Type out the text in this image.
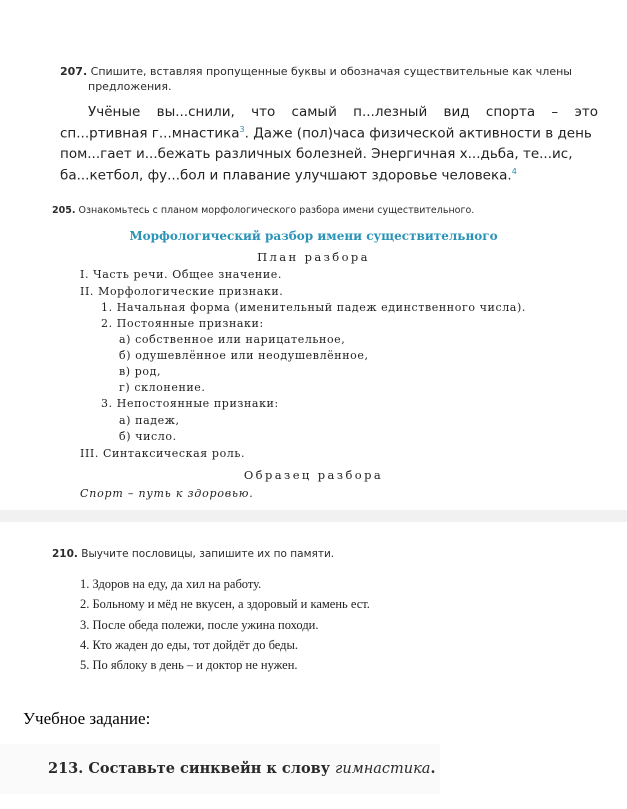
207. Спишите, вставляя пропущенные буквы и обозначая существительные как члены
предложения.
Учёные вы...снили, что самый п...лезный вид спорта – это
сп...ртивная г...мнастика$^3$. Даже (пол)часа физической активности в день
пом...гает и...бежать различных болезней. Энергичная х...дьба, те...ис,
ба...кетбол, фу...бол и плавание улучшают здоровье человека.$^4$
205. Ознакомьтесь с планом морфологического разбора имени существительного.
Морфологический разбор имени существительного
План разбора
I. Часть речи. Общее значение.
II. Морфологические признаки.
1. Начальная форма (именительный падеж единственного числа).
2. Постоянные признаки:
а) собственное или нарицательное,
б) одушевлённое или неодушевлённое,
в) род,
г) склонение.
3. Непостоянные признаки:
а) падеж,
б) число.
III. Синтаксическая роль.
Образец разбора
Спорт – путь к здоровью.
210. Выучите пословицы, запишите их по памяти.
1. Здоров на еду, да хил на работу.
2. Больному и мёд не вкусен, а здоровый и камень ест.
3. После обеда полежи, после ужина походи.
4. Кто жаден до еды, тот дойдёт до беды.
5. По яблоку в день – и доктор не нужен.
Учебное задание:
213. Составьте синквейн к слову гимнастика.
